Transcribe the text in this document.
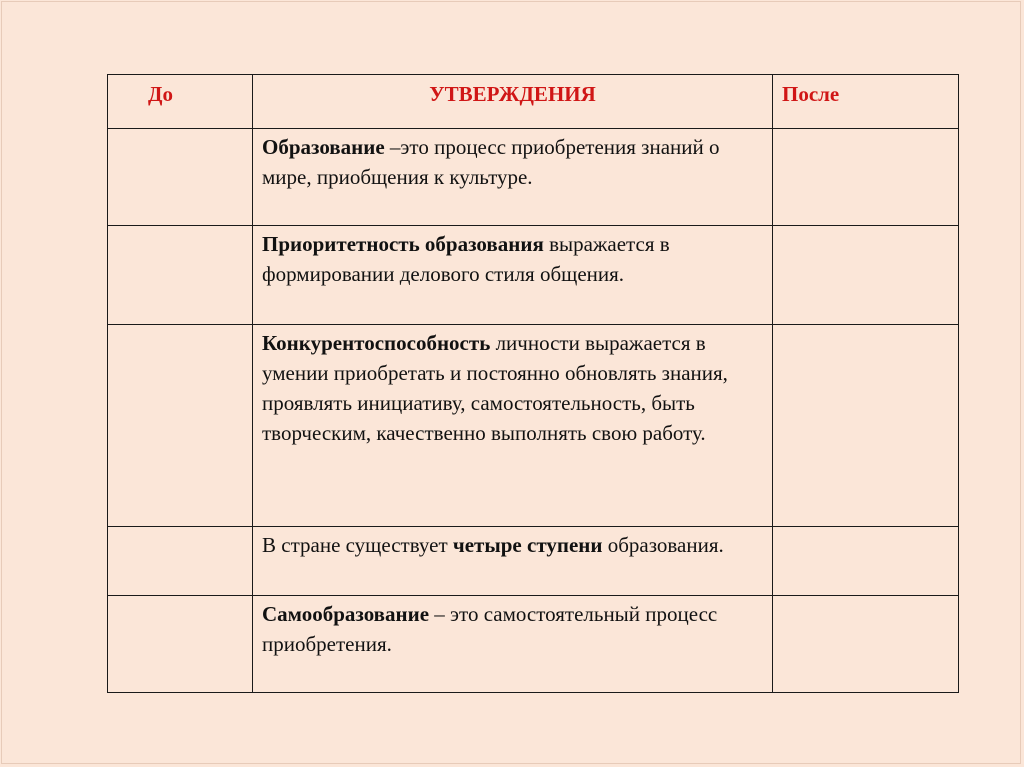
До	УТВЕРЖДЕНИЯ	После
	Образование –это процесс приобретения знаний о мире, приобщения к культуре.	
	Приоритетность образования выражается в формировании делового стиля общения.	
	Конкурентоспособность личности выражается в умении приобретать и постоянно обновлять знания, проявлять инициативу, самостоятельность, быть творческим, качественно выполнять свою работу.	
	В стране существует четыре ступени образования.	
	Самообразование – это самостоятельный процесс приобретения.	
